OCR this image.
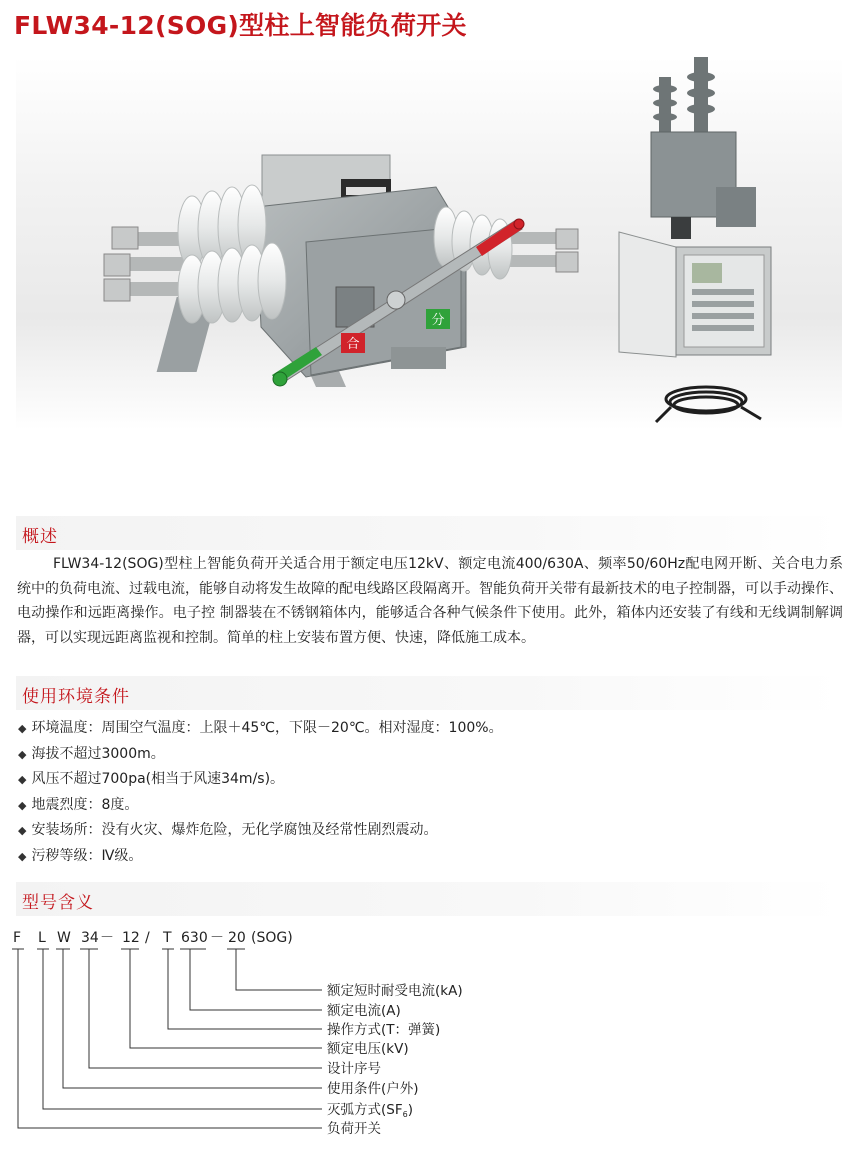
FLW34-12(SOG)型柱上智能负荷开关
合
分
概述
FLW34-12(SOG)型柱上智能负荷开关适合用于额定电压12kV、额定电流400/630A、频率50/60Hz配电网开断、关合电力系统中的负荷电流、过载电流，能够自动将发生故障的配电线路区段隔离开。智能负荷开关带有最新技术的电子控制器，可以手动操作、电动操作和远距离操作。电子控 制器装在不锈钢箱体内，能够适合各种气候条件下使用。此外，箱体内还安装了有线和无线调制解调器，可以实现远距离监视和控制。简单的柱上安装布置方便、快速，降低施工成本。
使用环境条件
◆ 环境温度：周围空气温度：上限＋45℃，下限－20℃。相对湿度：100%。
◆ 海拔不超过3000m。
◆ 风压不超过700pa(相当于风速34m/s)。
◆ 地震烈度：8度。
◆ 安装场所：没有火灾、爆炸危险，无化学腐蚀及经常性剧烈震动。
◆ 污秽等级：Ⅳ级。
型号含义
F L W 34 － 12 / T 630 － 20 (SOG)
额定短时耐受电流(kA)
额定电流(A)
操作方式(T：弹簧)
额定电压(kV)
设计序号
使用条件(户外)
灭弧方式$(SF_6)$
负荷开关
